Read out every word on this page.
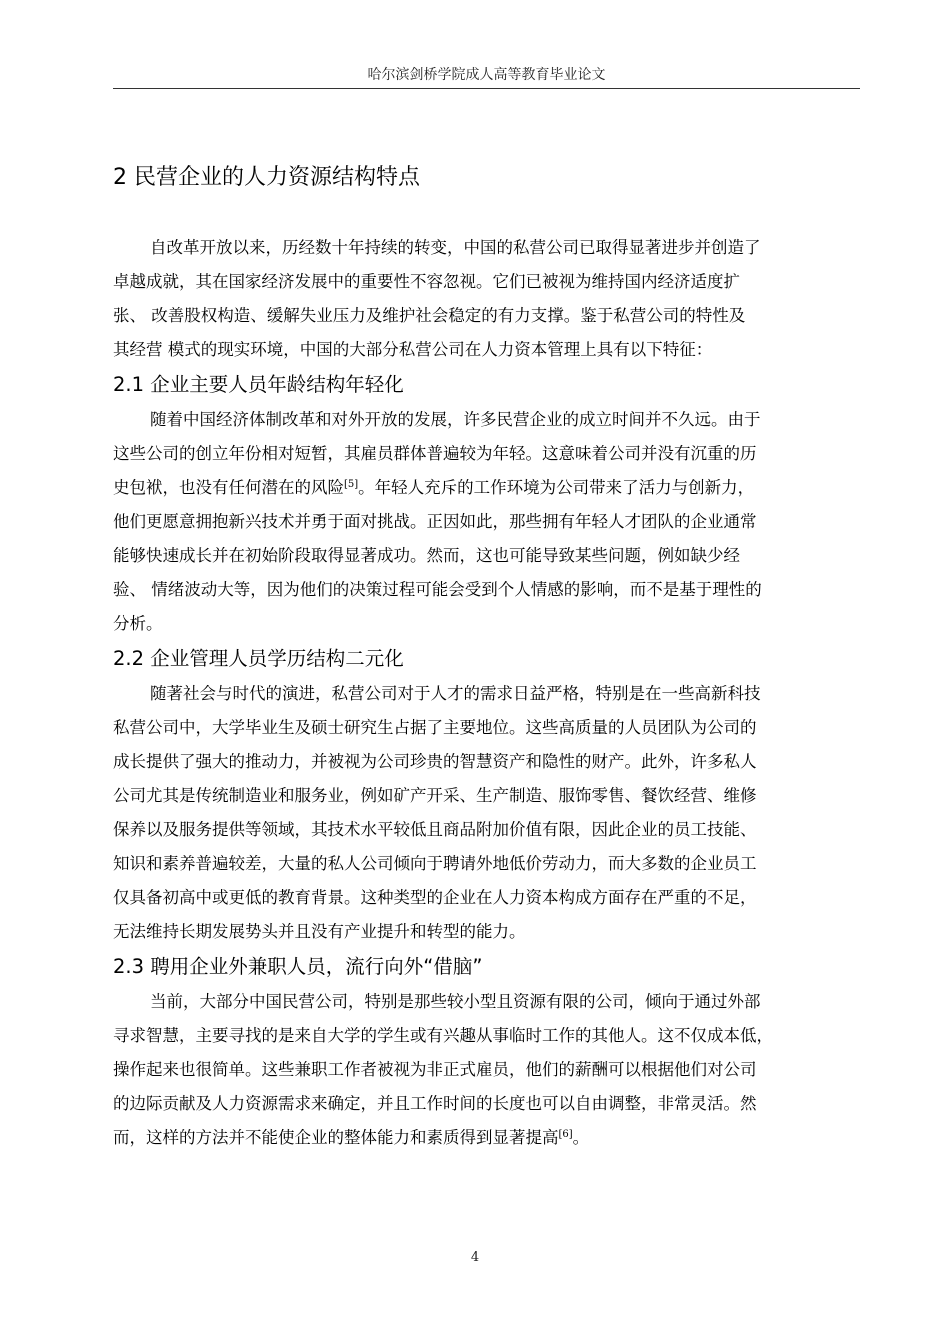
哈尔滨剑桥学院成人高等教育毕业论文
2 民营企业的人力资源结构特点
自改革开放以来，历经数十年持续的转变，中国的私营公司已取得显著进步并创造了
卓越成就，其在国家经济发展中的重要性不容忽视。它们已被视为维持国内经济适度扩
张、 改善股权构造、缓解失业压力及维护社会稳定的有力支撑。鉴于私营公司的特性及
其经营 模式的现实环境，中国的大部分私营公司在人力资本管理上具有以下特征：
2.1 企业主要人员年龄结构年轻化
随着中国经济体制改革和对外开放的发展，许多民营企业的成立时间并不久远。由于
这些公司的创立年份相对短暂，其雇员群体普遍较为年轻。这意味着公司并没有沉重的历
史包袱，也没有任何潜在的风险[5]。年轻人充斥的工作环境为公司带来了活力与创新力，
他们更愿意拥抱新兴技术并勇于面对挑战。正因如此，那些拥有年轻人才团队的企业通常
能够快速成长并在初始阶段取得显著成功。然而，这也可能导致某些问题，例如缺少经
验、 情绪波动大等，因为他们的决策过程可能会受到个人情感的影响，而不是基于理性的
分析。
2.2 企业管理人员学历结构二元化
随著社会与时代的演进，私营公司对于人才的需求日益严格，特别是在一些高新科技
私营公司中，大学毕业生及硕士研究生占据了主要地位。这些高质量的人员团队为公司的
成长提供了强大的推动力，并被视为公司珍贵的智慧资产和隐性的财产。此外，许多私人
公司尤其是传统制造业和服务业，例如矿产开采、生产制造、服饰零售、餐饮经营、维修
保养以及服务提供等领域，其技术水平较低且商品附加价值有限，因此企业的员工技能、
知识和素养普遍较差，大量的私人公司倾向于聘请外地低价劳动力，而大多数的企业员工
仅具备初高中或更低的教育背景。这种类型的企业在人力资本构成方面存在严重的不足，
无法维持长期发展势头并且没有产业提升和转型的能力。
2.3 聘用企业外兼职人员，流行向外“借脑”
当前，大部分中国民营公司，特别是那些较小型且资源有限的公司，倾向于通过外部
寻求智慧，主要寻找的是来自大学的学生或有兴趣从事临时工作的其他人。这不仅成本低，
操作起来也很简单。这些兼职工作者被视为非正式雇员，他们的薪酬可以根据他们对公司
的边际贡献及人力资源需求来确定，并且工作时间的长度也可以自由调整，非常灵活。然
而，这样的方法并不能使企业的整体能力和素质得到显著提高[6]。
4
